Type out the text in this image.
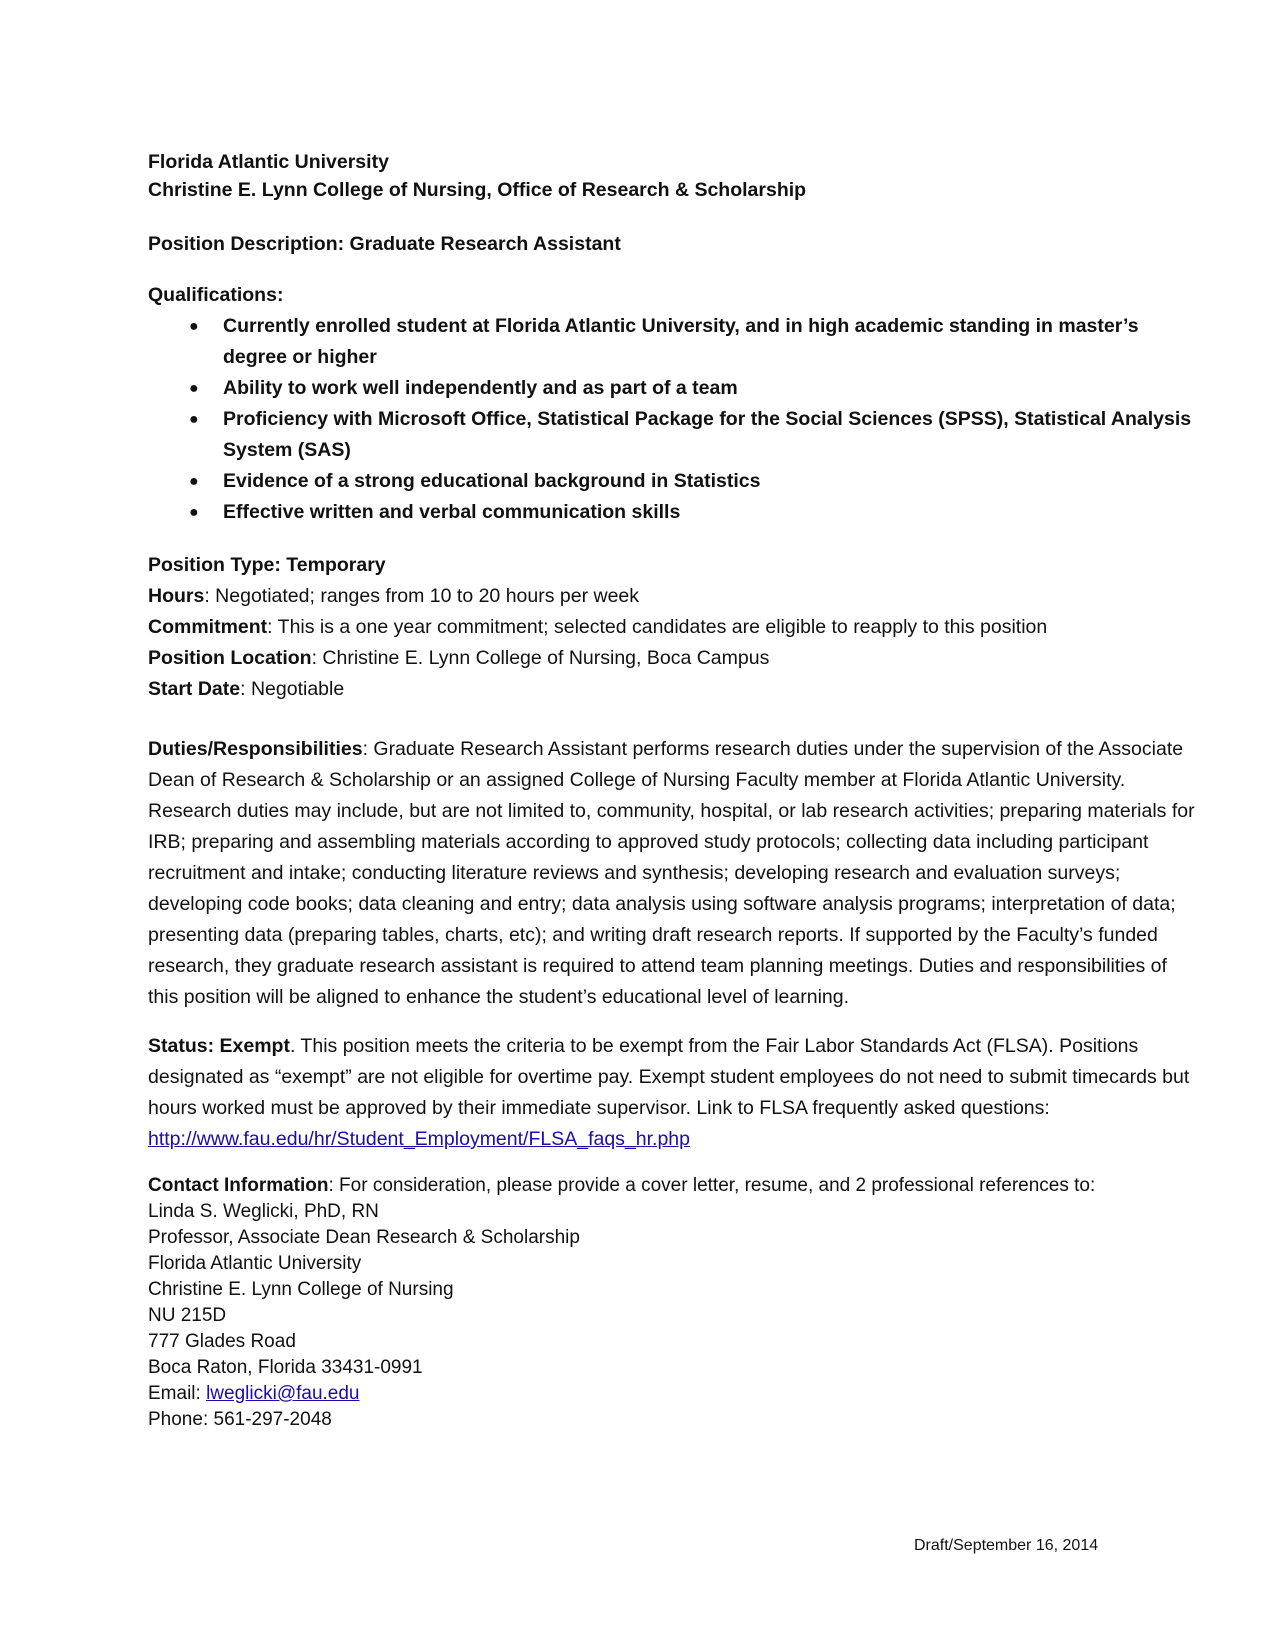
Florida Atlantic University
Christine E. Lynn College of Nursing, Office of Research & Scholarship
Position Description: Graduate Research Assistant
Qualifications:
● Currently enrolled student at Florida Atlantic University, and in high academic standing in master’s degree or higher
● Ability to work well independently and as part of a team
● Proficiency with Microsoft Office, Statistical Package for the Social Sciences (SPSS), Statistical Analysis System (SAS)
● Evidence of a strong educational background in Statistics
● Effective written and verbal communication skills

Position Type: Temporary

Hours: Negotiated; ranges from 10 to 20 hours per week

Commitment: This is a one year commitment; selected candidates are eligible to reapply to this position

Position Location: Christine E. Lynn College of Nursing, Boca Campus

Start Date: Negotiable

Duties/Responsibilities: Graduate Research Assistant performs research duties under the supervision of the Associate Dean of Research & Scholarship or an assigned College of Nursing Faculty member at Florida Atlantic University. Research duties may include, but are not limited to, community, hospital, or lab research activities; preparing materials for IRB; preparing and assembling materials according to approved study protocols; collecting data including participant recruitment and intake; conducting literature reviews and synthesis; developing research and evaluation surveys; developing code books; data cleaning and entry; data analysis using software analysis programs; interpretation of data; presenting data (preparing tables, charts, etc); and writing draft research reports. If supported by the Faculty’s funded research, they graduate research assistant is required to attend team planning meetings. Duties and responsibilities of this position will be aligned to enhance the student’s educational level of learning.

Status: Exempt. This position meets the criteria to be exempt from the Fair Labor Standards Act (FLSA). Positions designated as “exempt” are not eligible for overtime pay. Exempt student employees do not need to submit timecards but hours worked must be approved by their immediate supervisor. Link to FLSA frequently asked questions: http://www.fau.edu/hr/Student_Employment/FLSA_faqs_hr.php

Contact Information: For consideration, please provide a cover letter, resume, and 2 professional references to:
Linda S. Weglicki, PhD, RN
Professor, Associate Dean Research & Scholarship
Florida Atlantic University
Christine E. Lynn College of Nursing
NU 215D
777 Glades Road
Boca Raton, Florida 33431-0991
Email: lweglicki@fau.edu
Phone: 561-297-2048
Draft/September 16, 2014
